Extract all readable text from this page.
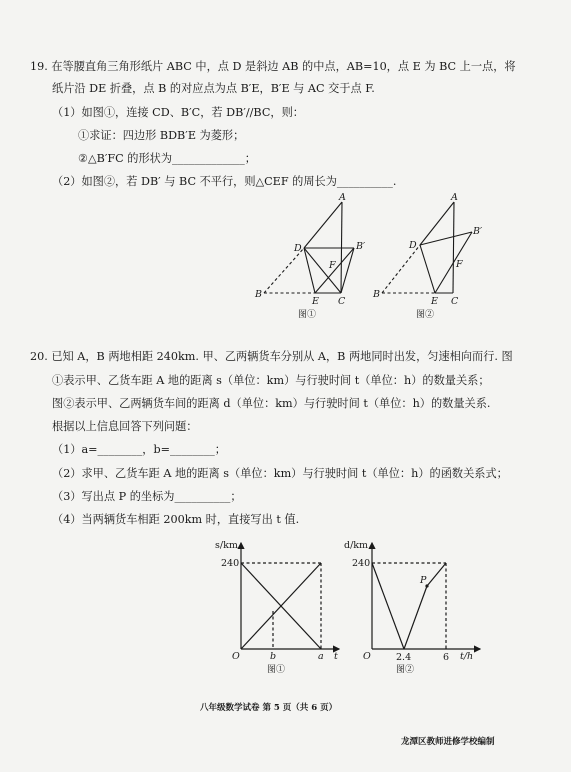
19. 在等腰直角三角形纸片 ABC 中，点 D 是斜边 AB 的中点，AB=10，点 E 为 BC 上一点，将
纸片沿 DE 折叠，点 B 的对应点为点 B′E，B′E 与 AC 交于点 F.
（1）如图①，连接 CD、B′C，若 DB′//BC，则：
①求证：四边形 BDB′E 为菱形；
②△B′FC 的形状为_____________；
（2）如图②，若 DB′ 与 BC 不平行，则△CEF 的周长为__________.
A
D	B′
F
B
E C
图①
A
D
B′
F
B
E C
图②
20. 已知 A，B 两地相距 240km. 甲、乙两辆货车分别从 A，B 两地同时出发，匀速相向而行. 图
①表示甲、乙货车距 A 地的距离 s（单位：km）与行驶时间 t（单位：h）的数量关系；
图②表示甲、乙两辆货车间的距离 d（单位：km）与行驶时间 t（单位：h）的数量关系.
根据以上信息回答下列问题：
（1）a=________，b=________；
（2）求甲、乙货车距 A 地的距离 s（单位：km）与行驶时间 t（单位：h）的函数关系式；
（3）写出点 P 的坐标为__________；
（4）当两辆货车相距 200km 时，直接写出 t 值.
s/km
240
O	b	a t
图①
d/km
240
O	2.4	6 t/h
P
图②
八年级数学试卷 第 5 页（共 6 页）
龙潭区教师进修学校编制
